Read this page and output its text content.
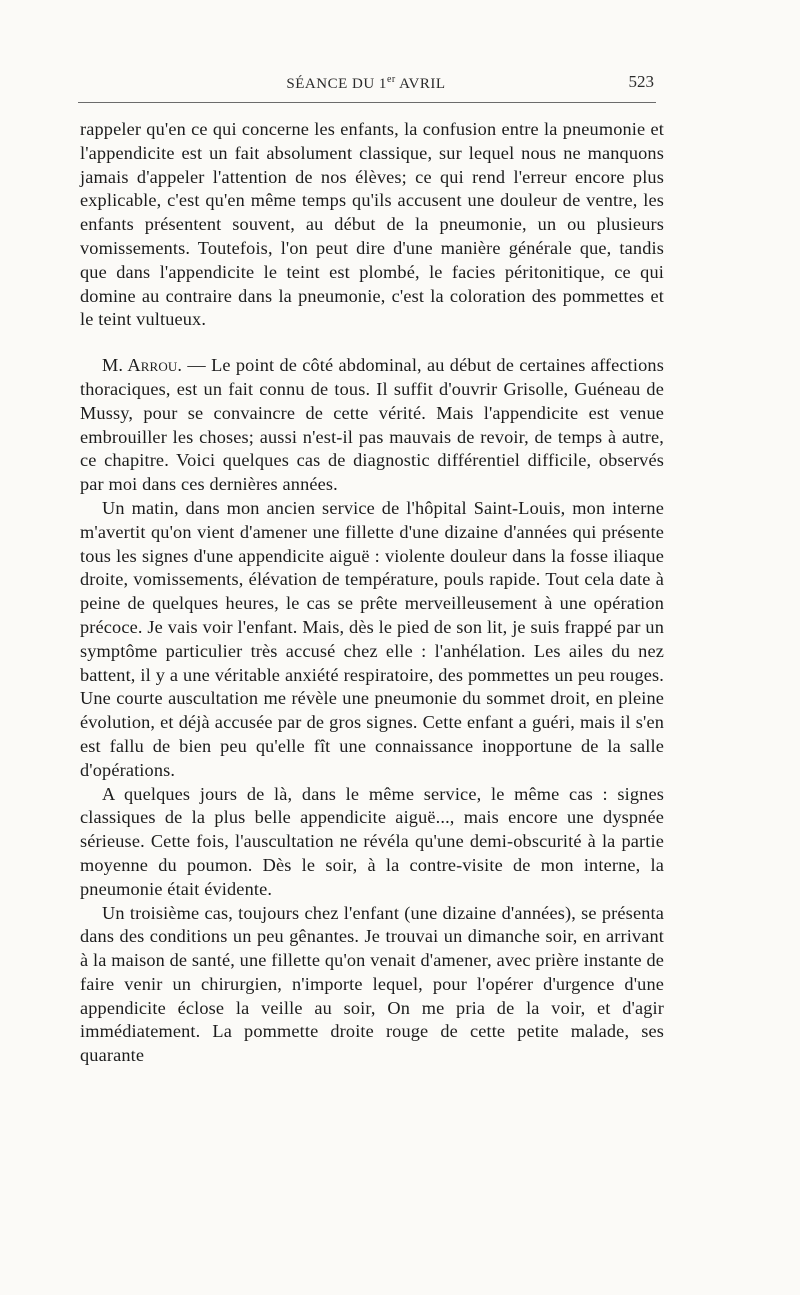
SÉANCE DU 1er AVRIL	523

rappeler qu'en ce qui concerne les enfants, la confusion entre la pneumonie et l'appendicite est un fait absolument classique, sur lequel nous ne manquons jamais d'appeler l'attention de nos élèves; ce qui rend l'erreur encore plus explicable, c'est qu'en même temps qu'ils accusent une douleur de ventre, les enfants présentent souvent, au début de la pneumonie, un ou plusieurs vomissements. Toutefois, l'on peut dire d'une manière générale que, tandis que dans l'appendicite le teint est plombé, le facies péritonitique, ce qui domine au contraire dans la pneumonie, c'est la coloration des pommettes et le teint vultueux.

M. Arrou. — Le point de côté abdominal, au début de certaines affections thoraciques, est un fait connu de tous. Il suffit d'ouvrir Grisolle, Guéneau de Mussy, pour se convaincre de cette vérité. Mais l'appendicite est venue embrouiller les choses; aussi n'est-il pas mauvais de revoir, de temps à autre, ce chapitre. Voici quelques cas de diagnostic différentiel difficile, observés par moi dans ces dernières années.

Un matin, dans mon ancien service de l'hôpital Saint-Louis, mon interne m'avertit qu'on vient d'amener une fillette d'une dizaine d'années qui présente tous les signes d'une appendicite aiguë : violente douleur dans la fosse iliaque droite, vomissements, élévation de température, pouls rapide. Tout cela date à peine de quelques heures, le cas se prête merveilleusement à une opération précoce. Je vais voir l'enfant. Mais, dès le pied de son lit, je suis frappé par un symptôme particulier très accusé chez elle : l'anhélation. Les ailes du nez battent, il y a une véritable anxiété respiratoire, des pommettes un peu rouges. Une courte auscultation me révèle une pneumonie du sommet droit, en pleine évolution, et déjà accusée par de gros signes. Cette enfant a guéri, mais il s'en est fallu de bien peu qu'elle fît une connaissance inopportune de la salle d'opérations.

A quelques jours de là, dans le même service, le même cas : signes classiques de la plus belle appendicite aiguë..., mais encore une dyspnée sérieuse. Cette fois, l'auscultation ne révéla qu'une demi-obscurité à la partie moyenne du poumon. Dès le soir, à la contre-visite de mon interne, la pneumonie était évidente.

Un troisième cas, toujours chez l'enfant (une dizaine d'années), se présenta dans des conditions un peu gênantes. Je trouvai un dimanche soir, en arrivant à la maison de santé, une fillette qu'on venait d'amener, avec prière instante de faire venir un chirurgien, n'importe lequel, pour l'opérer d'urgence d'une appendicite éclose la veille au soir, On me pria de la voir, et d'agir immédiatement. La pommette droite rouge de cette petite malade, ses quarante
